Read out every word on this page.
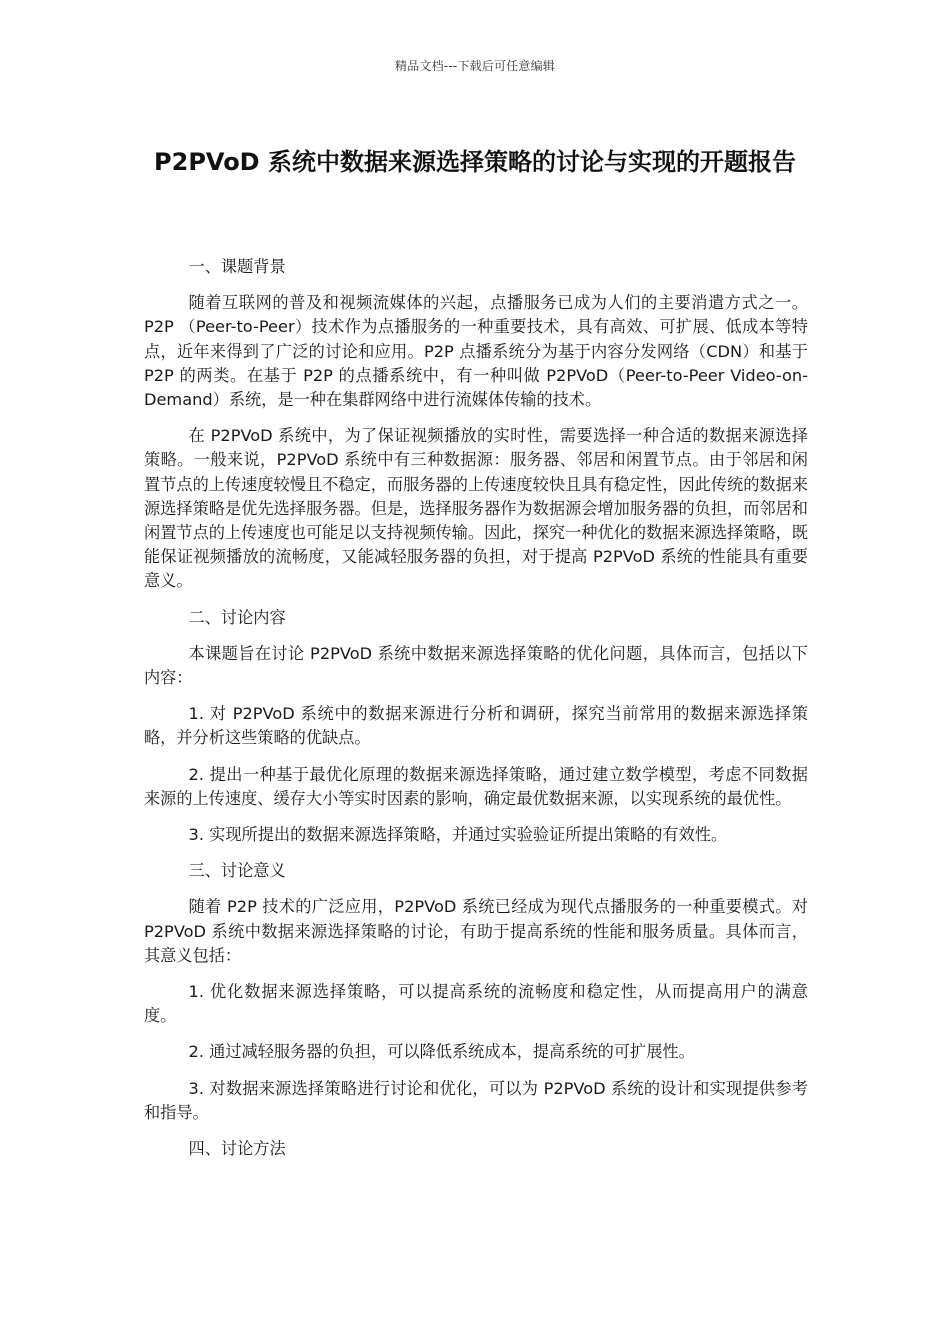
精品文档---下载后可任意编辑
P2PVoD 系统中数据来源选择策略的讨论与实现的开题报告

一、课题背景

随着互联网的普及和视频流媒体的兴起，点播服务已成为人们的主要消遣方式之一。P2P （Peer-to-Peer）技术作为点播服务的一种重要技术，具有高效、可扩展、低成本等特点，近年来得到了广泛的讨论和应用。P2P 点播系统分为基于内容分发网络（CDN）和基于 P2P 的两类。在基于 P2P 的点播系统中，有一种叫做 P2PVoD（Peer-to-Peer Video-on-Demand）系统，是一种在集群网络中进行流媒体传输的技术。

在 P2PVoD 系统中，为了保证视频播放的实时性，需要选择一种合适的数据来源选择策略。一般来说，P2PVoD 系统中有三种数据源：服务器、邻居和闲置节点。由于邻居和闲置节点的上传速度较慢且不稳定，而服务器的上传速度较快且具有稳定性，因此传统的数据来源选择策略是优先选择服务器。但是，选择服务器作为数据源会增加服务器的负担，而邻居和闲置节点的上传速度也可能足以支持视频传输。因此，探究一种优化的数据来源选择策略，既能保证视频播放的流畅度，又能减轻服务器的负担，对于提高 P2PVoD 系统的性能具有重要意义。

二、讨论内容

本课题旨在讨论 P2PVoD 系统中数据来源选择策略的优化问题，具体而言，包括以下内容：

1. 对 P2PVoD 系统中的数据来源进行分析和调研，探究当前常用的数据来源选择策略，并分析这些策略的优缺点。

2. 提出一种基于最优化原理的数据来源选择策略，通过建立数学模型，考虑不同数据来源的上传速度、缓存大小等实时因素的影响，确定最优数据来源，以实现系统的最优性。

3. 实现所提出的数据来源选择策略，并通过实验验证所提出策略的有效性。

三、讨论意义

随着 P2P 技术的广泛应用，P2PVoD 系统已经成为现代点播服务的一种重要模式。对 P2PVoD 系统中数据来源选择策略的讨论，有助于提高系统的性能和服务质量。具体而言，其意义包括：

1. 优化数据来源选择策略，可以提高系统的流畅度和稳定性，从而提高用户的满意度。

2. 通过减轻服务器的负担，可以降低系统成本，提高系统的可扩展性。

3. 对数据来源选择策略进行讨论和优化，可以为 P2PVoD 系统的设计和实现提供参考和指导。

四、讨论方法
